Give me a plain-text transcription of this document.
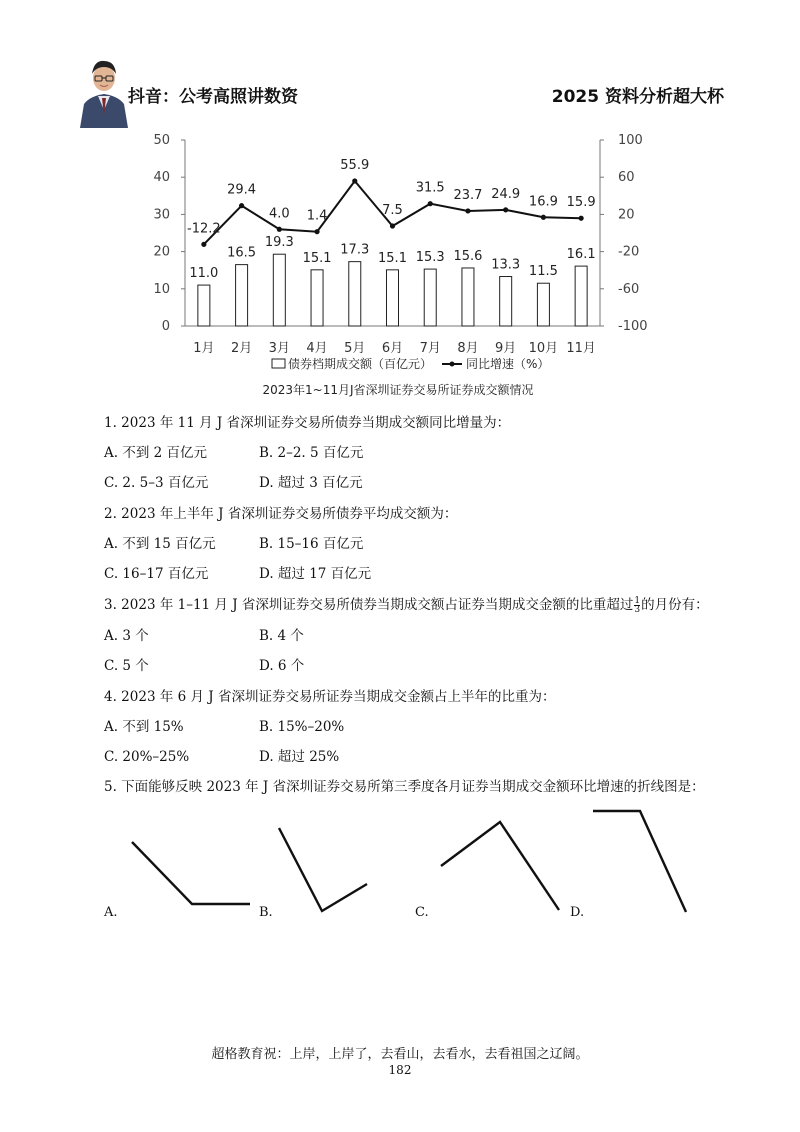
抖音：公考高照讲数资	2025 资料分析超大杯
0
10
20
30
40
50
-100
-60
-20
20
60
100
11.0
16.5
19.3
15.1
17.3
15.1 15.3 15.6
13.3 11.5
16.1
-12.2
29.4
4.0 1.4
55.9
7.5
31.5 23.7 24.9 16.9 15.9
1月 2月 3月 4月 5月 6月 7月 8月 9月 10月 11月
债券档期成交额（百亿元）	同比增速（%）
2023年1~11月J省深圳证券交易所证券成交额情况
1. 2023 年 11 月 J 省深圳证券交易所债券当期成交额同比增量为：
A. 不到 2 百亿元	B. 2–2. 5 百亿元
C. 2. 5–3 百亿元	D. 超过 3 百亿元
2. 2023 年上半年 J 省深圳证券交易所债券平均成交额为：
A. 不到 15 百亿元	B. 15–16 百亿元
C. 16–17 百亿元	D. 超过 17 百亿元
3. 2023 年 1–11 月 J 省深圳证券交易所债券当期成交额占证券当期成交金额的比重超过 $\frac{1}{3}$ 的月份有：
A. 3 个	B. 4 个
C. 5 个	D. 6 个
4. 2023 年 6 月 J 省深圳证券交易所证券当期成交金额占上半年的比重为：
A. 不到 15%	B. 15%–20%
C. 20%–25%	D. 超过 25%
5. 下面能够反映 2023 年 J 省深圳证券交易所第三季度各月证券当期成交金额环比增速的折线图是：
A.	B.	C.	D.
超格教育祝：上岸，上岸了，去看山，去看水，去看祖国之辽阔。
182
